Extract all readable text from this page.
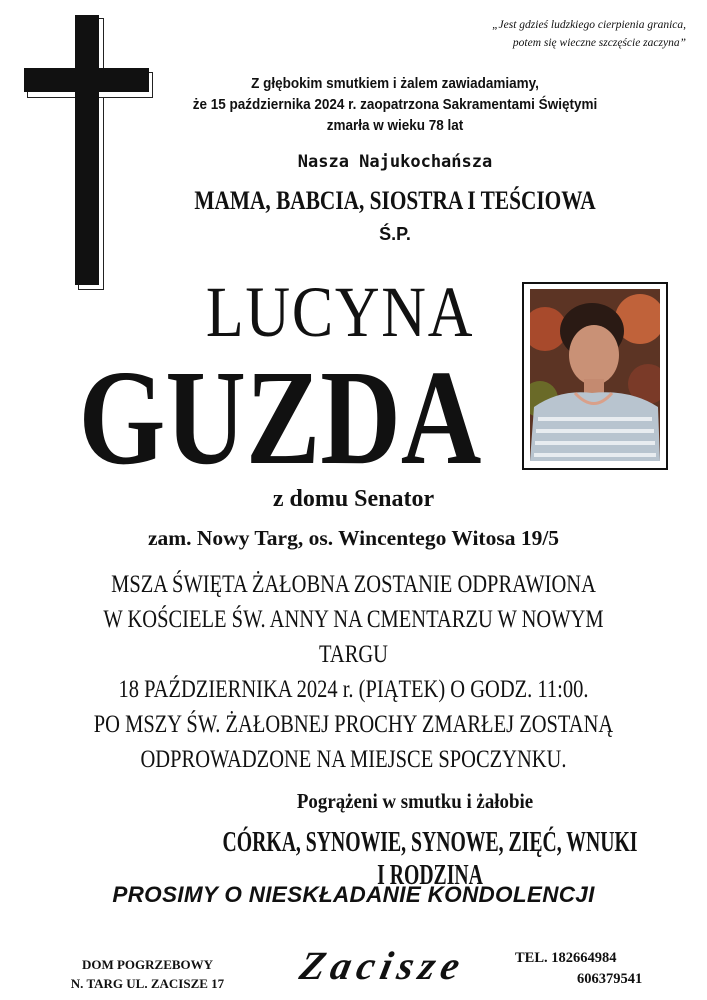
„Jest gdzieś ludzkiego cierpienia granica,
potem się wieczne szczęście zaczyna”
Z głębokim smutkiem i żalem zawiadamiamy,
że 15 października 2024 r. zaopatrzona Sakramentami Świętymi
zmarła w wieku 78 lat
Nasza Najukochańsza
MAMA, BABCIA, SIOSTRA I TEŚCIOWA
Ś.P.
LUCYNA
GUZDA
z domu Senator
zam. Nowy Targ, os. Wincentego Witosa 19/5
MSZA ŚWIĘTA ŻAŁOBNA ZOSTANIE ODPRAWIONA
W KOŚCIELE ŚW. ANNY NA CMENTARZU W NOWYM TARGU
18 PAŹDZIERNIKA 2024 r. (PIĄTEK) O GODZ. 11:00.
PO MSZY ŚW. ŻAŁOBNEJ PROCHY ZMARŁEJ ZOSTANĄ
ODPROWADZONE NA MIEJSCE SPOCZYNKU.
Pogrążeni w smutku i żałobie
CÓRKA, SYNOWIE, SYNOWE, ZIĘĆ, WNUKI I RODZINA
PROSIMY O NIESKŁADANIE KONDOLENCJI
DOM POGRZEBOWY
N. TARG UL. ZACISZE 17	Zacisze	TEL. 182664984
606379541
